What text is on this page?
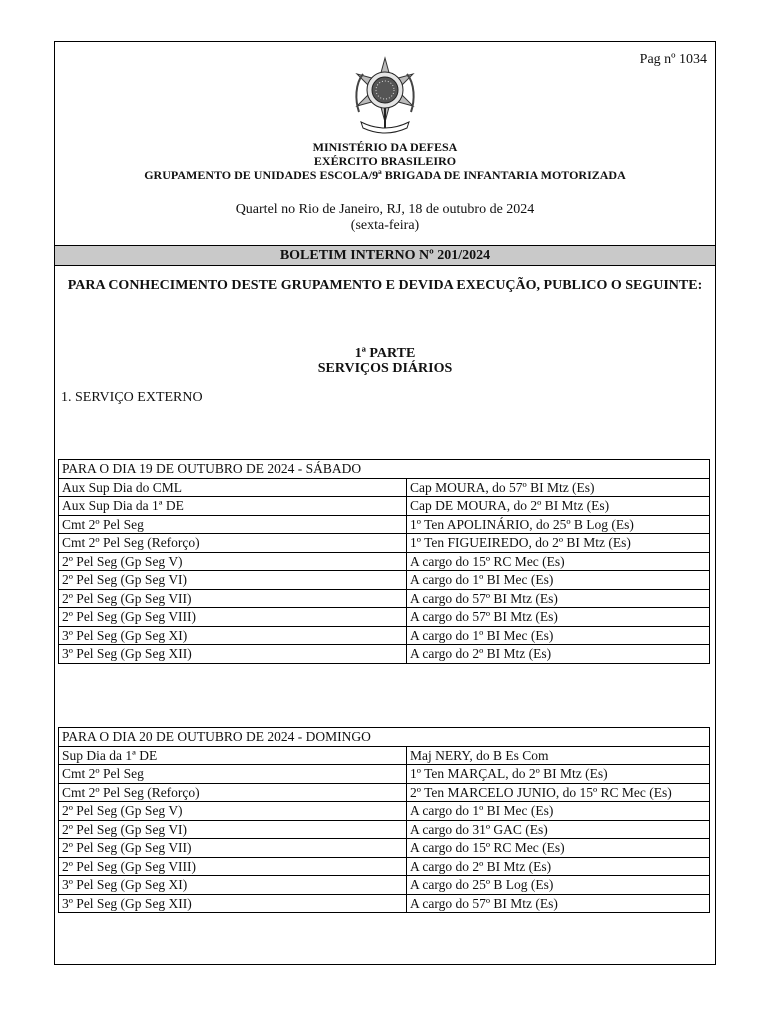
Pag nº 1034
MINISTÉRIO DA DEFESA
EXÉRCITO BRASILEIRO
GRUPAMENTO DE UNIDADES ESCOLA/9ª BRIGADA DE INFANTARIA MOTORIZADA
Quartel no Rio de Janeiro, RJ, 18 de outubro de 2024
(sexta-feira)
BOLETIM INTERNO Nº 201/2024
PARA CONHECIMENTO DESTE GRUPAMENTO E DEVIDA EXECUÇÃO, PUBLICO O SEGUINTE:
1ª PARTE
SERVIÇOS DIÁRIOS
1. SERVIÇO EXTERNO
PARA O DIA 19 DE OUTUBRO DE 2024 - SÁBADO	
Aux Sup Dia do CML	Cap MOURA, do 57º BI Mtz (Es)
Aux Sup Dia da 1ª DE	Cap DE MOURA, do 2º BI Mtz (Es)
Cmt 2º Pel Seg	1º Ten APOLINÁRIO, do 25º B Log (Es)
Cmt 2º Pel Seg (Reforço)	1º Ten FIGUEIREDO, do 2º BI Mtz (Es)
2º Pel Seg (Gp Seg V)	A cargo do 15º RC Mec (Es)
2º Pel Seg (Gp Seg VI)	A cargo do 1º BI Mec (Es)
2º Pel Seg (Gp Seg VII)	A cargo do 57º BI Mtz (Es)
2º Pel Seg (Gp Seg VIII)	A cargo do 57º BI Mtz (Es)
3º Pel Seg (Gp Seg XI)	A cargo do 1º BI Mec (Es)
3º Pel Seg (Gp Seg XII)	A cargo do 2º BI Mtz (Es)
PARA O DIA 20 DE OUTUBRO DE 2024 - DOMINGO	
Sup Dia da 1ª DE	Maj NERY, do B Es Com
Cmt 2º Pel Seg	1º Ten MARÇAL, do 2º BI Mtz (Es)
Cmt 2º Pel Seg (Reforço)	2º Ten MARCELO JUNIO, do 15º RC Mec (Es)
2º Pel Seg (Gp Seg V)	A cargo do 1º BI Mec (Es)
2º Pel Seg (Gp Seg VI)	A cargo do 31º GAC (Es)
2º Pel Seg (Gp Seg VII)	A cargo do 15º RC Mec (Es)
2º Pel Seg (Gp Seg VIII)	A cargo do 2º BI Mtz (Es)
3º Pel Seg (Gp Seg XI)	A cargo do 25º B Log (Es)
3º Pel Seg (Gp Seg XII)	A cargo do 57º BI Mtz (Es)
